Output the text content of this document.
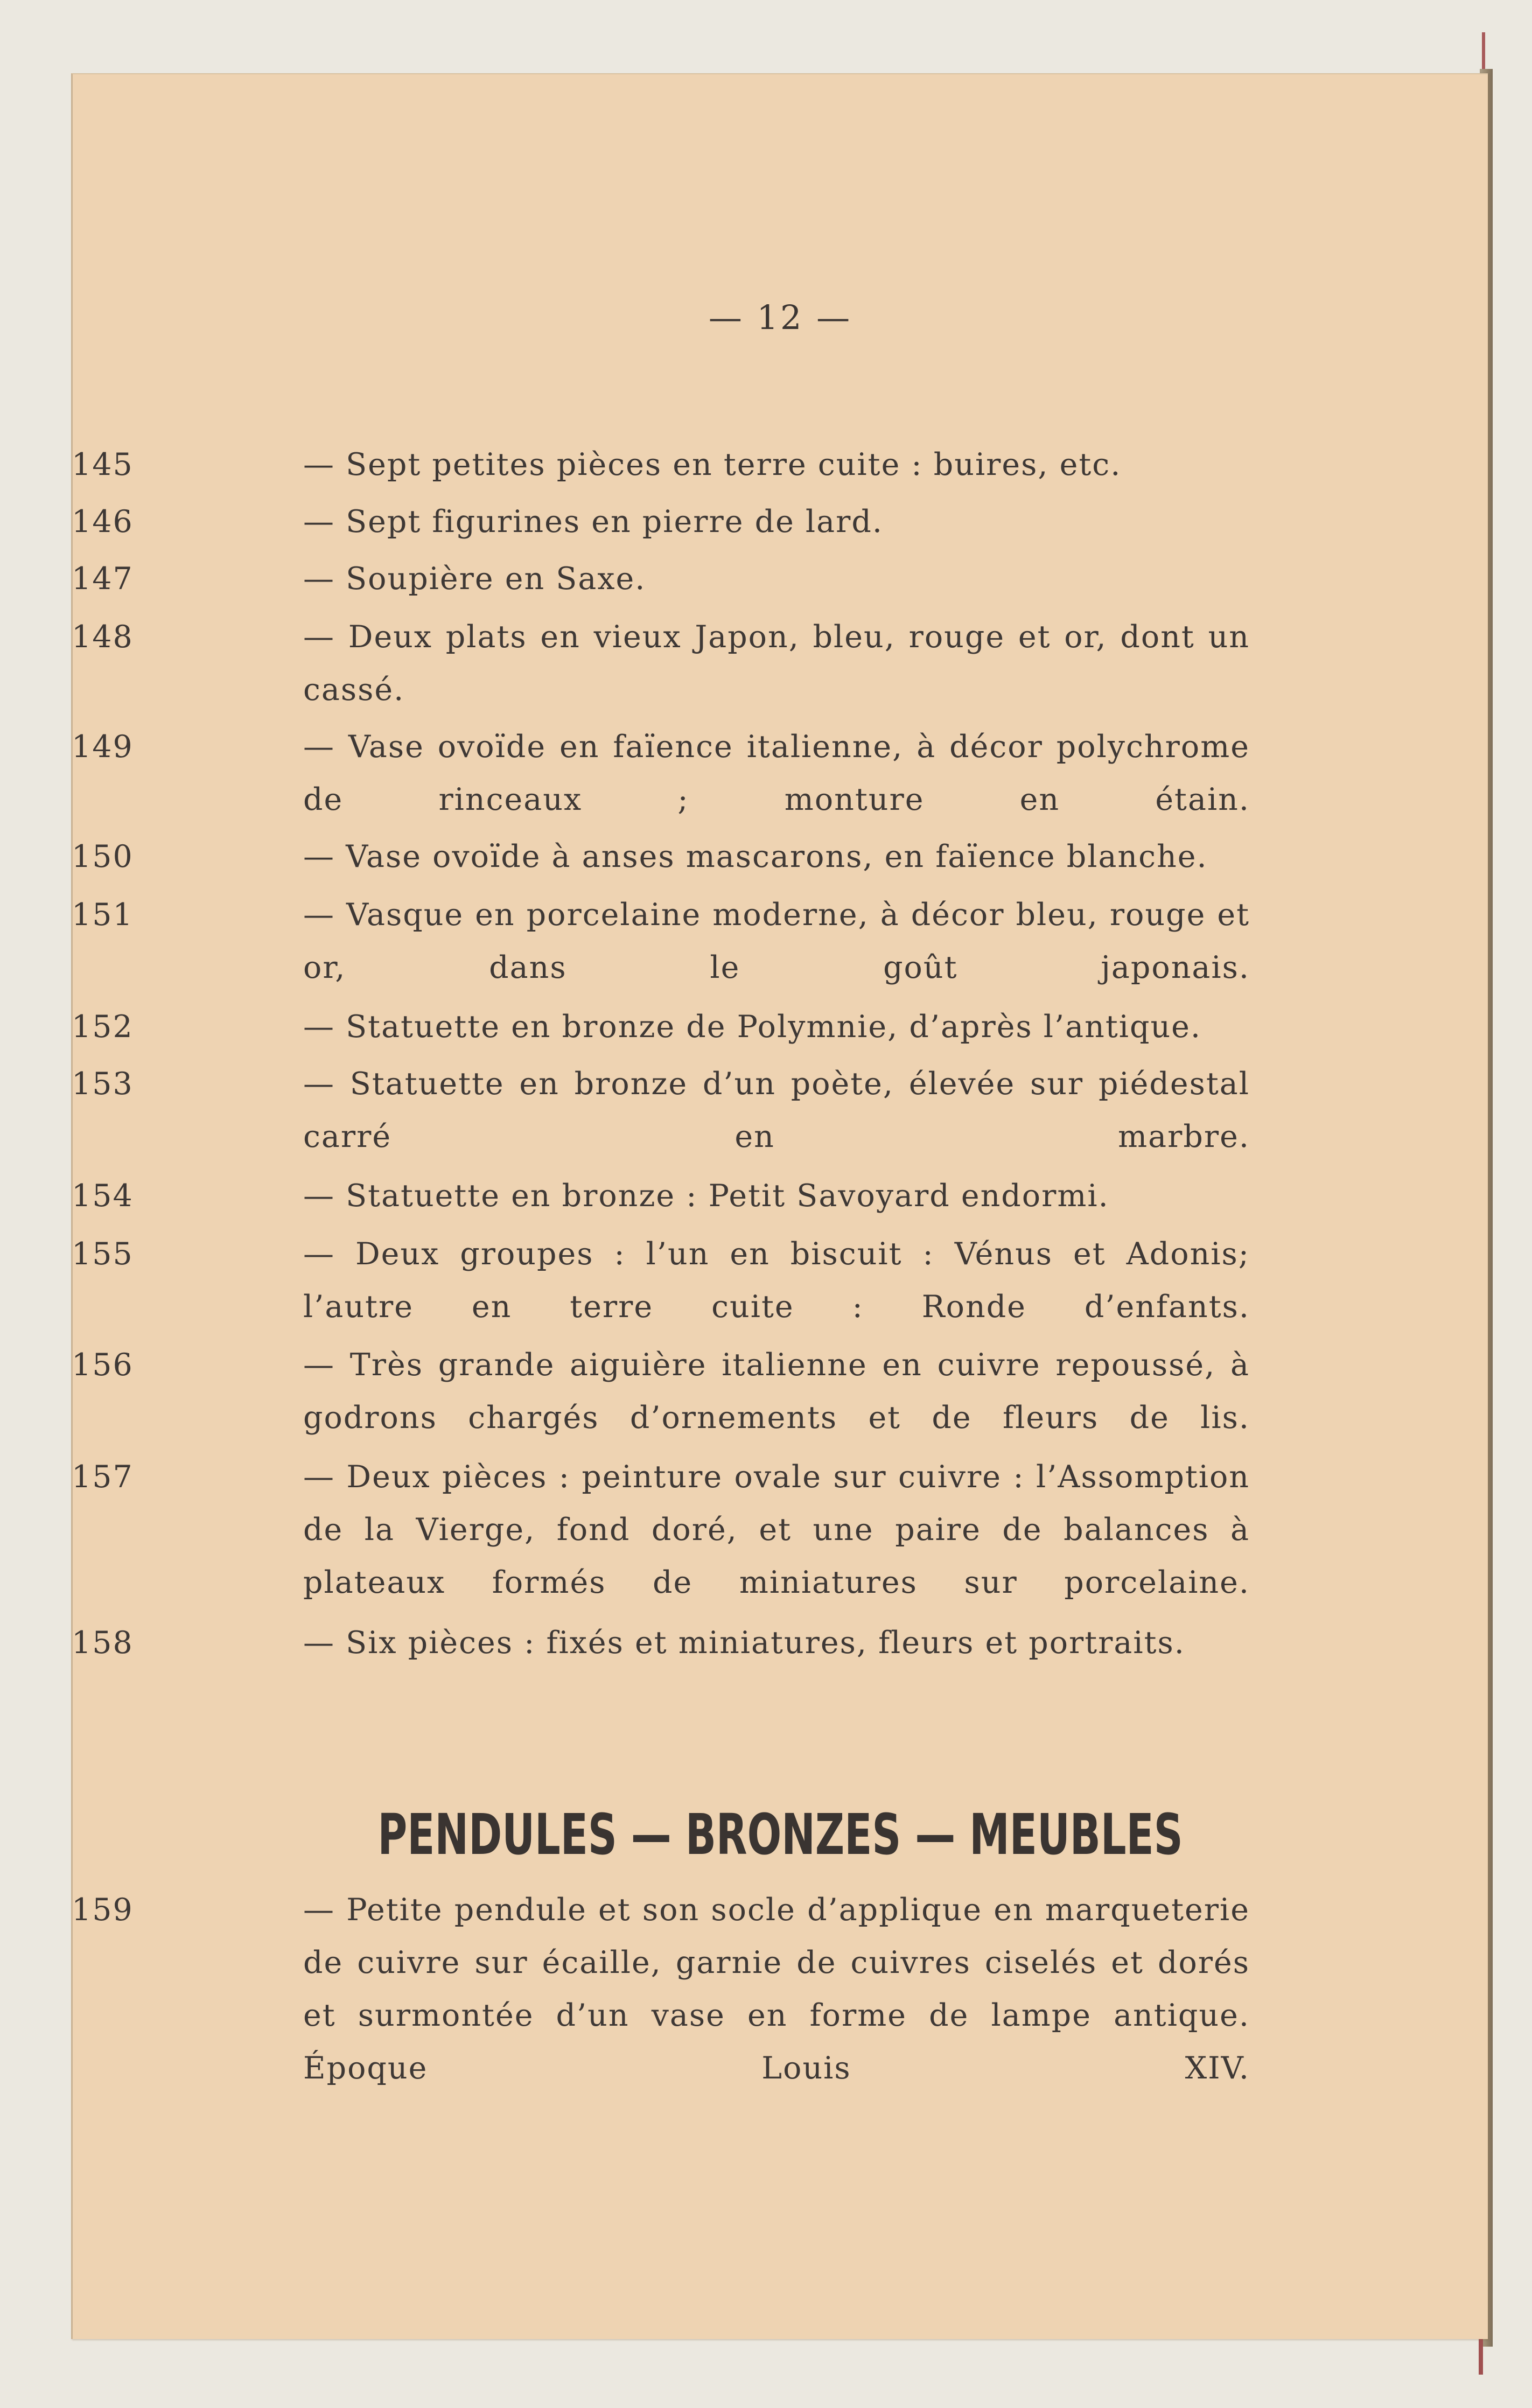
— 12 —
145	— Sept petites pièces en terre cuite : buires, etc.
146	— Sept figurines en pierre de lard.
147	— Soupière en Saxe.
148	— Deux plats en vieux Japon, bleu, rouge et or, dont un cassé.
149	— Vase ovoïde en faïence italienne, à décor polychrome de rinceaux ; monture en étain.
150	— Vase ovoïde à anses mascarons, en faïence blanche.
151	— Vasque en porcelaine moderne, à décor bleu, rouge et or, dans le goût japonais.
152	— Statuette en bronze de Polymnie, d’après l’antique.
153	— Statuette en bronze d’un poète, élevée sur piédestal carré en marbre.
154	— Statuette en bronze : Petit Savoyard endormi.
155	— Deux groupes : l’un en biscuit : Vénus et Adonis; l’autre en terre cuite : Ronde d’enfants.
156	— Très grande aiguière italienne en cuivre repoussé, à godrons chargés d’ornements et de fleurs de lis.
157	— Deux pièces : peinture ovale sur cuivre : l’Assomption de la Vierge, fond doré, et une paire de balances à plateaux formés de miniatures sur porcelaine.
158	— Six pièces : fixés et miniatures, fleurs et portraits.
PENDULES — BRONZES — MEUBLES
159	— Petite pendule et son socle d’applique en marqueterie de cuivre sur écaille, garnie de cuivres ciselés et dorés et surmontée d’un vase en forme de lampe antique. Époque Louis XIV.
